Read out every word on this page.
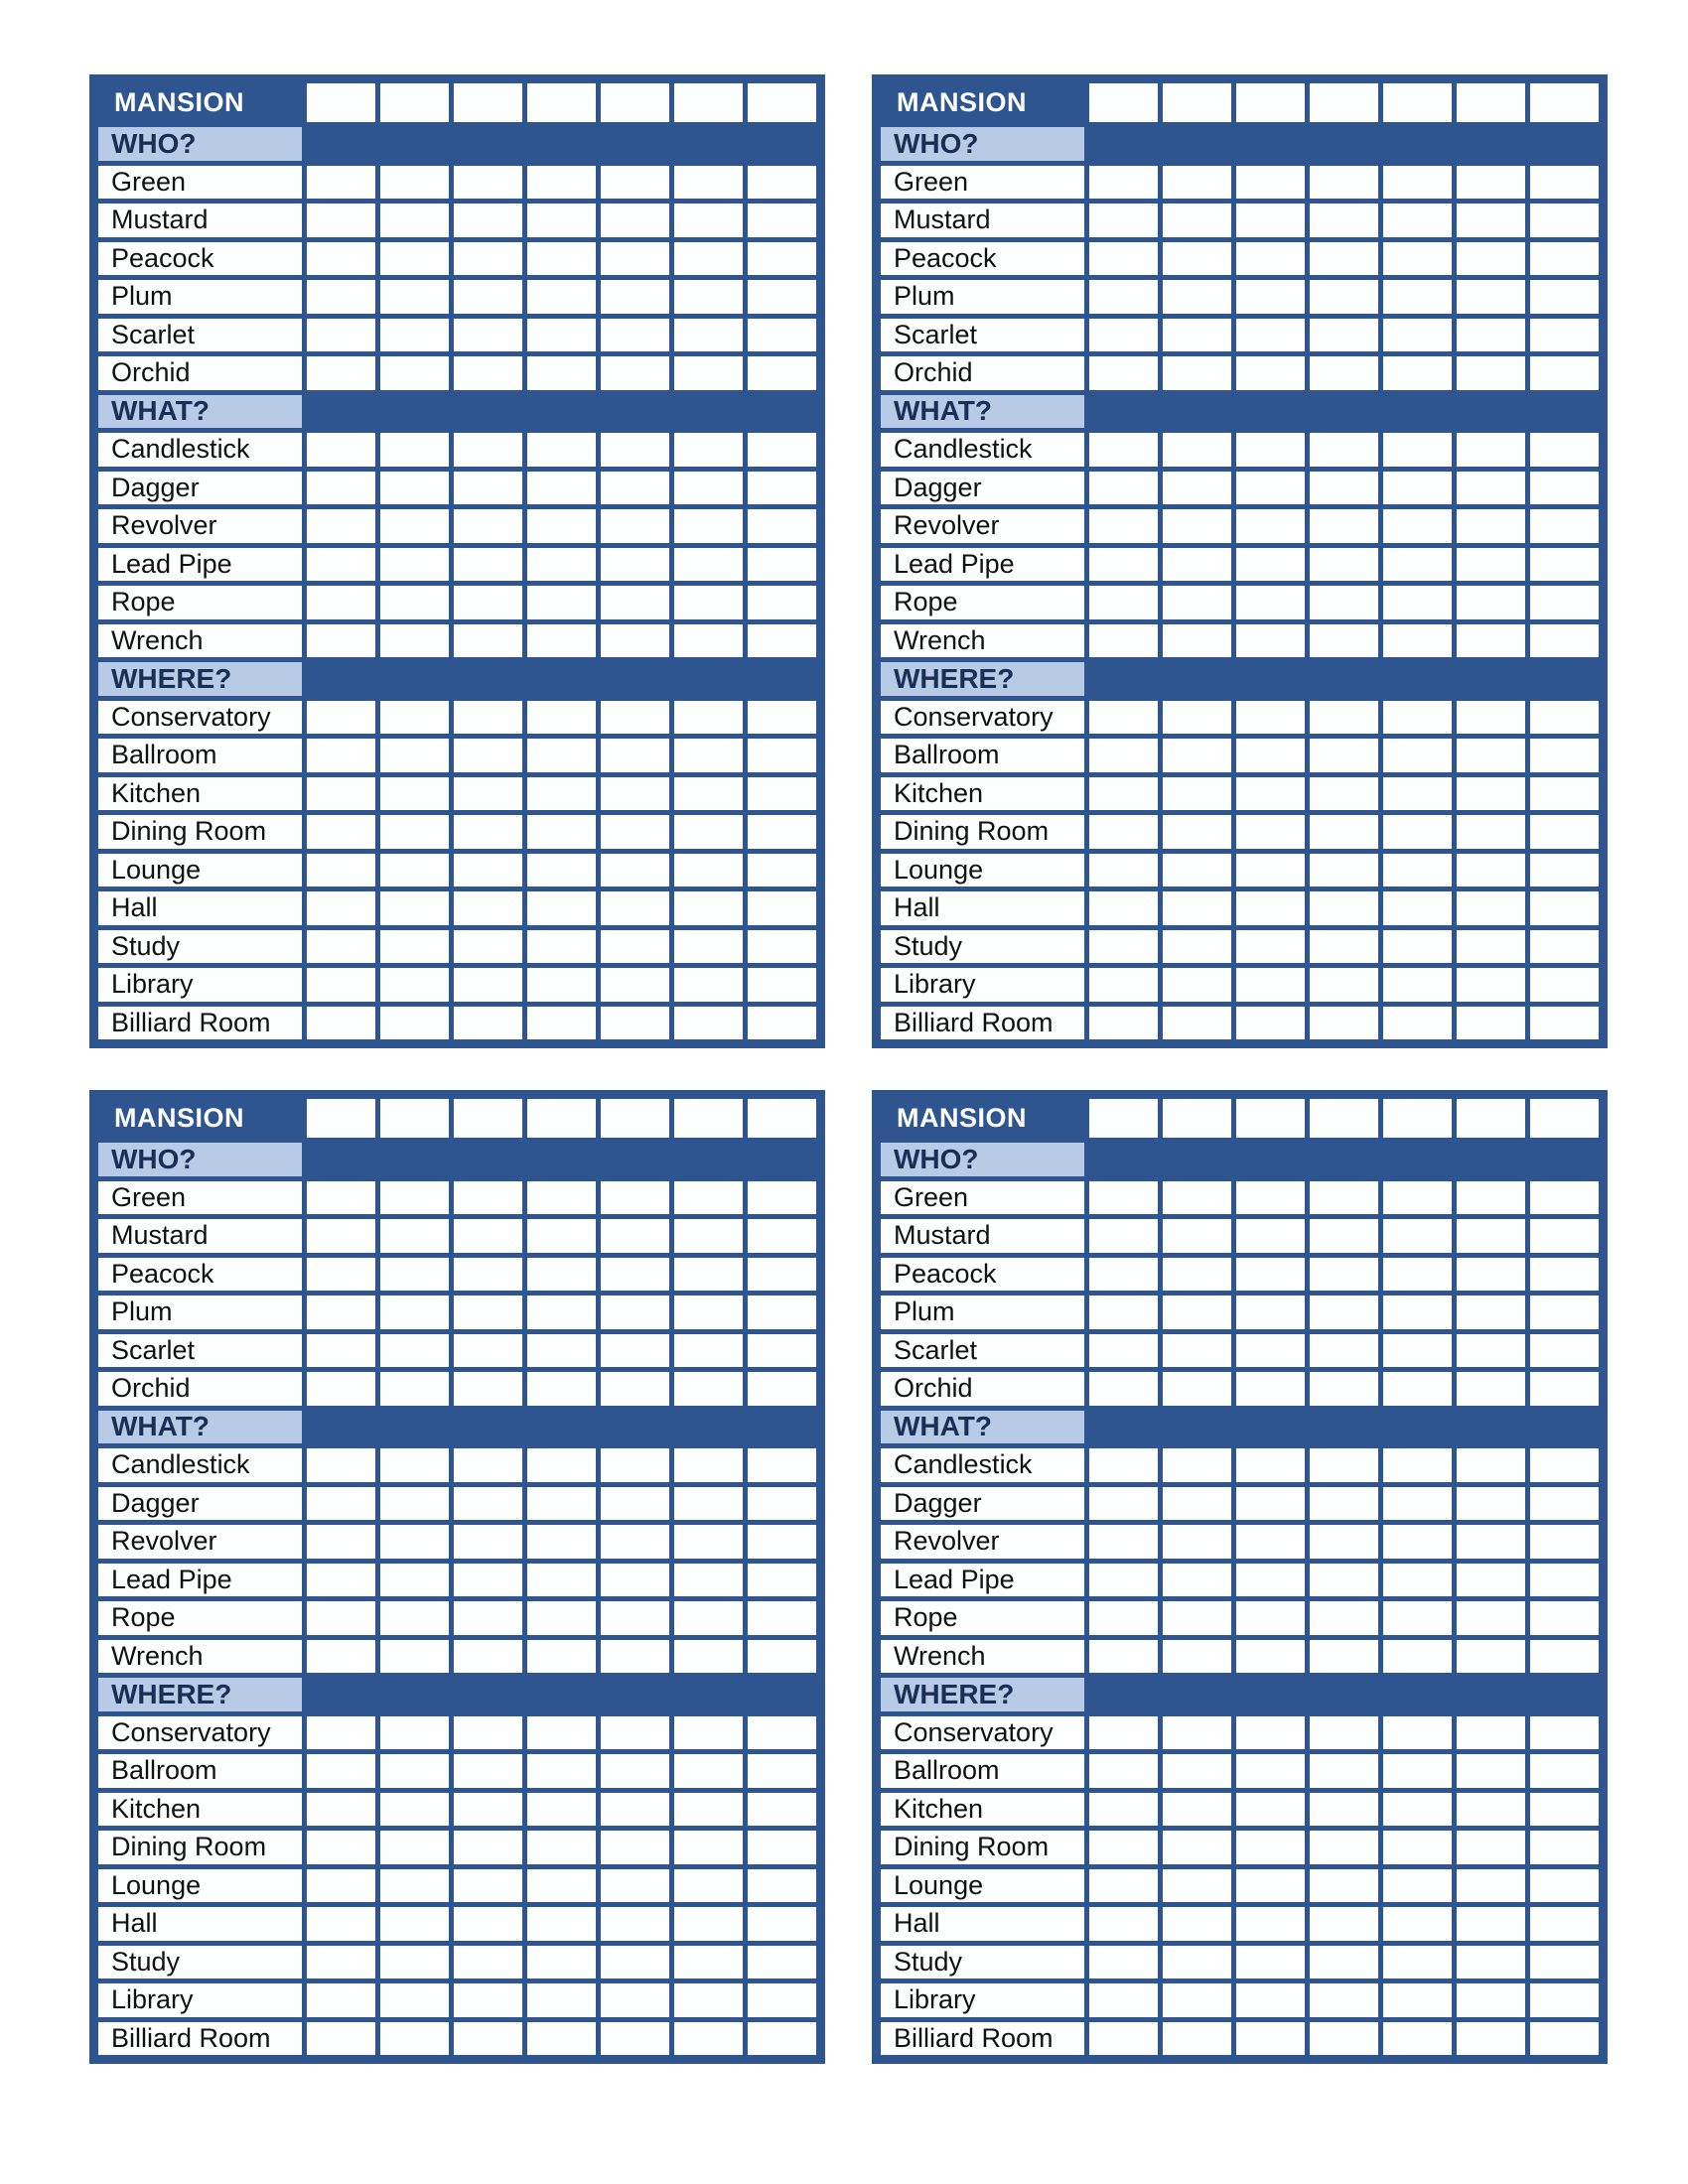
MANSION
WHO?
Green
Mustard
Peacock
Plum
Scarlet
Orchid
WHAT?
Candlestick
Dagger
Revolver
Lead Pipe
Rope
Wrench
WHERE?
Conservatory
Ballroom
Kitchen
Dining Room
Lounge
Hall
Study
Library
Billiard Room
MANSION
WHO?
Green
Mustard
Peacock
Plum
Scarlet
Orchid
WHAT?
Candlestick
Dagger
Revolver
Lead Pipe
Rope
Wrench
WHERE?
Conservatory
Ballroom
Kitchen
Dining Room
Lounge
Hall
Study
Library
Billiard Room
MANSION
WHO?
Green
Mustard
Peacock
Plum
Scarlet
Orchid
WHAT?
Candlestick
Dagger
Revolver
Lead Pipe
Rope
Wrench
WHERE?
Conservatory
Ballroom
Kitchen
Dining Room
Lounge
Hall
Study
Library
Billiard Room
MANSION
WHO?
Green
Mustard
Peacock
Plum
Scarlet
Orchid
WHAT?
Candlestick
Dagger
Revolver
Lead Pipe
Rope
Wrench
WHERE?
Conservatory
Ballroom
Kitchen
Dining Room
Lounge
Hall
Study
Library
Billiard Room
